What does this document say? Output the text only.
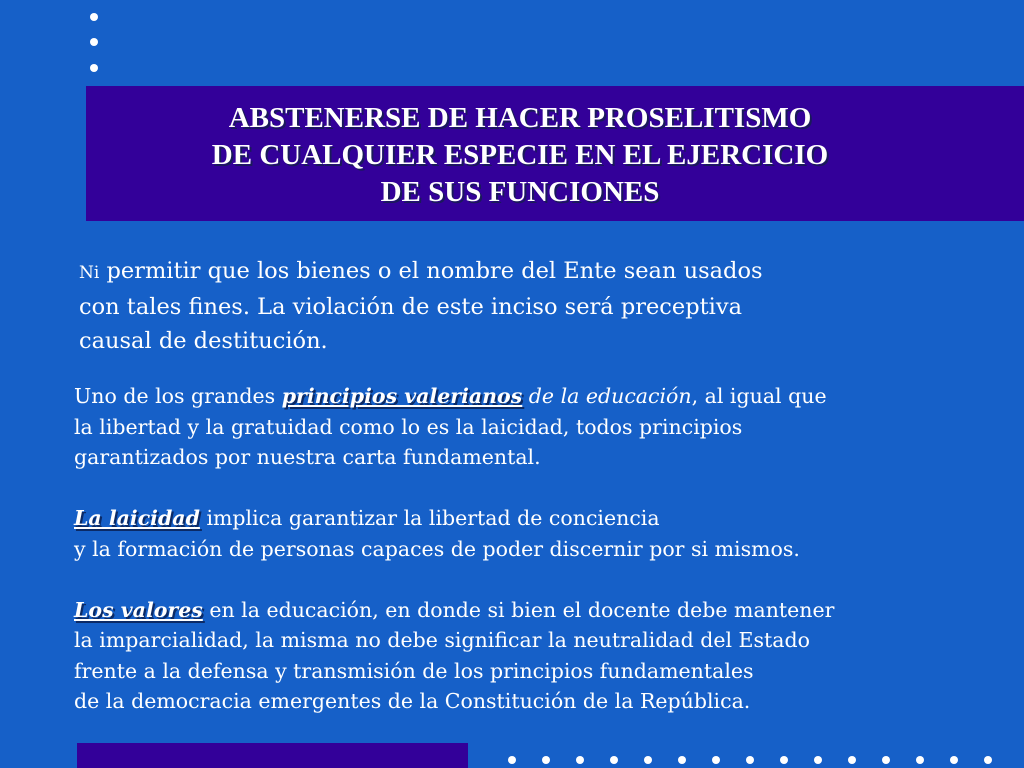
ABSTENERSE DE HACER PROSELITISMO
DE CUALQUIER ESPECIE EN EL EJERCICIO
DE SUS FUNCIONES
Ni permitir que los bienes o el nombre del Ente sean usados
con tales fines. La violación de este inciso será preceptiva
causal de destitución.
Uno de los grandes principios valerianos de la educación, al igual que
la libertad y la gratuidad como lo es la laicidad, todos principios
garantizados por nuestra carta fundamental.
La laicidad implica garantizar la libertad de conciencia
y la formación de personas capaces de poder discernir por si mismos.
Los valores en la educación, en donde si bien el docente debe mantener
la imparcialidad, la misma no debe significar la neutralidad del Estado
frente a la defensa y transmisión de los principios fundamentales
de la democracia emergentes de la Constitución de la República.
